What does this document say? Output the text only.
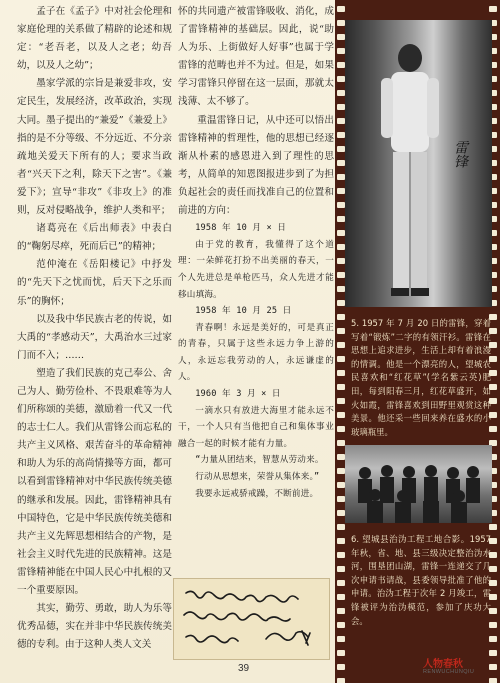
孟子在《孟子》中对社会伦理和家庭伦理的关系做了精辟的论述和规定：“老吾老，以及人之老；幼吾幼，以及人之幼”；

墨家学派的宗旨是兼爱非攻，安定民生，发展经济，改革政治，实现大同。墨子提出的“兼爱”《兼爱上》指的是不分等级、不分远近、不分亲疏地关爱天下所有的人；要求当政者“兴天下之利，除天下之害”。《兼爱下》；宣导“非攻”《非攻上》的准则，反对侵略战争，维护人类和平；

诸葛亮在《后出师表》中表白的“鞠躬尽瘁，死而后已”的精神；

范仲淹在《岳阳楼记》中抒发的“先天下之忧而忧，后天下之乐而乐”的胸怀；

以及我中华民族古老的传说，如大禹的“孝感动天”，大禹治水三过家门而不入；……

塑造了我们民族的克己奉公、舍己为人、勤劳俭朴、不畏艰难等为人们所称颂的美德，激励着一代又一代的志士仁人。我们从雷锋公而忘私的共产主义风格、艰苦奋斗的革命精神和助人为乐的高尚情操等方面，都可以看到雷锋精神对中华民族传统美德的继承和发展。因此，雷锋精神具有中国特色，它是中华民族传统美德和共产主义先辉思想相结合的产物，是社会主义时代先进的民族精神。这是雷锋精神能在中国人民心中扎根的又一个重要原因。

其实，勤劳、勇敢，助人为乐等优秀品德，实在并非中华民族传统美德的专利。由于这种人类人文关

怀的共同遗产被雷锋吸收、消化，成了雷锋精神的基础层。因此，说“助人为乐、上街做好人好事”也属于学雷锋的范畴也并不为过。但是，如果学习雷锋只停留在这一层面，那就太浅薄、太不够了。

重温雷锋日记，从中还可以悟出雷锋精神的哲理性，他的思想已经逐渐从朴素的感恩进入到了理性的思考，从简单的知恩图报进步到了为担负起社会的责任而找准自己的位置和前进的方向：

1958 年 10 月 × 日

由于党的教育，我懂得了这个道理：一朵鲜花打扮不出美丽的春天，一个人先进总是单枪匹马，众人先进才能移山填海。

1958 年 10 月 25 日

青春啊！永远是美好的，可是真正的青春，只属于这些永远力争上游的人，永远忘我劳动的人，永远谦虚的人。

1960 年 3 月 × 日

一滴水只有放进大海里才能永远不干，一个人只有当他把自己和集体事业融合一起的时候才能有力量。

“力量从团结来，智慧从劳动来。

行动从思想来，荣誉从集体来。”

我要永远戒骄戒躁，不断前进。

雷锋
5. 1957 年 7 月 20 日的雷锋，穿着写着“锻炼”二字的有领汗衫。雷锋在思想上追求进步，生活上却有着浪漫的情调。他是一个漂亮的人，望城农民喜欢和“红花草”(学名紫云英)肥田，每到阳春三月，红花草盛开，如火如霞，雷锋喜欢到田野里观赏这种美景。他还采一些回来养在盛水的小玻璃瓶里。
6. 望城县治沩工程工地合影。1957 年秋，省、地、县三级决定整治沩水河，围垦团山湖，雷锋一连递交了几次申请书请战，县委领导批准了他的申请。治沩工程于次年 2 月竣工，雷锋被评为治沩模范，参加了庆功大会。
39	人物春秋
RENWUCHUNQIU
